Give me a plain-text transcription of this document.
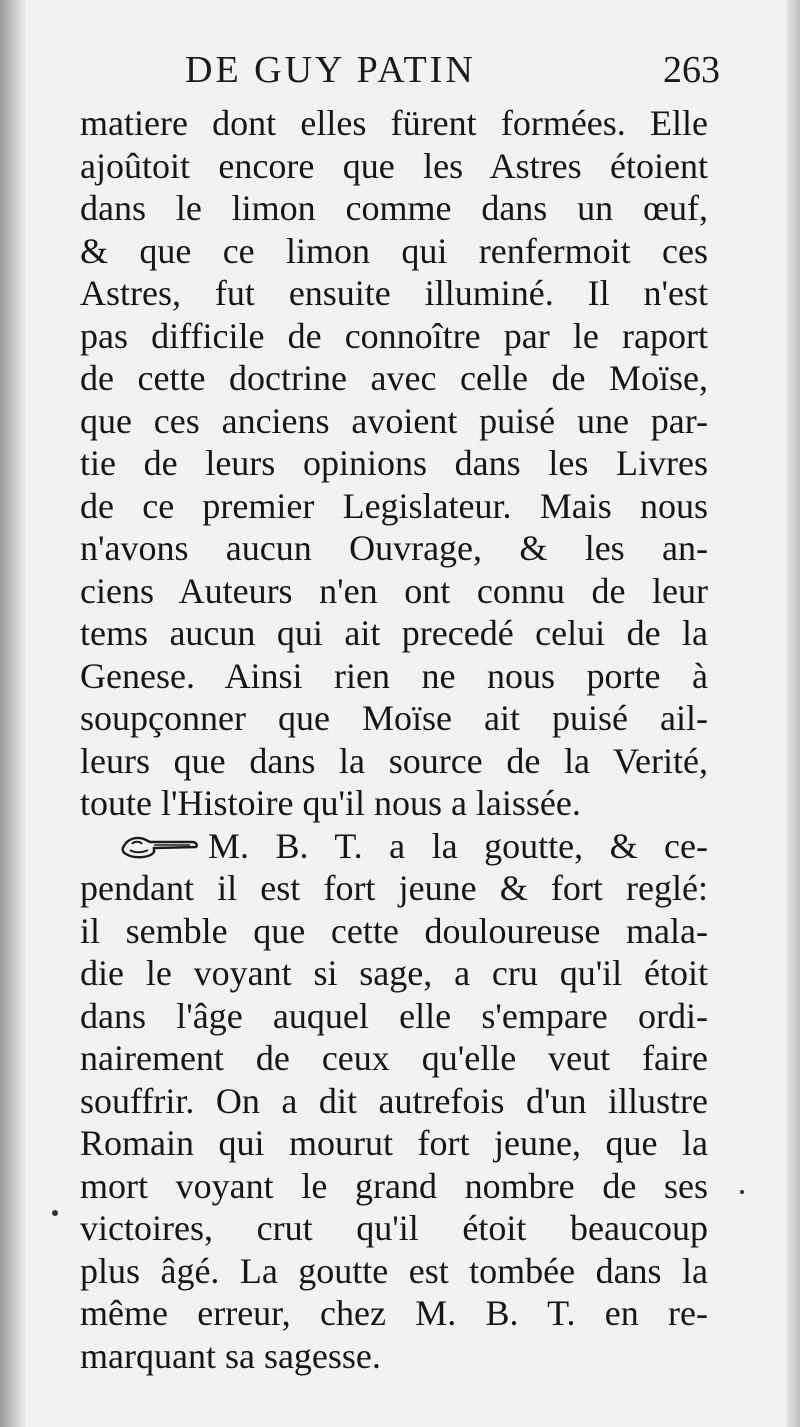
DE GUY PATIN	263
matiere dont elles fürent formées. Elle
ajoûtoit encore que les Astres étoient
dans le limon comme dans un œuf,
& que ce limon qui renfermoit ces
Astres, fut ensuite illuminé. Il n'est
pas difficile de connoître par le raport
de cette doctrine avec celle de Moïse,
que ces anciens avoient puisé une par-
tie de leurs opinions dans les Livres
de ce premier Legislateur. Mais nous
n'avons aucun Ouvrage, & les an-
ciens Auteurs n'en ont connu de leur
tems aucun qui ait precedé celui de la
Genese. Ainsi rien ne nous porte à
soupçonner que Moïse ait puisé ail-
leurs que dans la source de la Verité,
toute l'Histoire qu'il nous a laissée.
M. B. T. a la goutte, & ce-
pendant il est fort jeune & fort reglé:
il semble que cette douloureuse mala-
die le voyant si sage, a cru qu'il étoit
dans l'âge auquel elle s'empare ordi-
nairement de ceux qu'elle veut faire
souffrir. On a dit autrefois d'un illustre
Romain qui mourut fort jeune, que la
mort voyant le grand nombre de ses
victoires, crut qu'il étoit beaucoup
plus âgé. La goutte est tombée dans la
même erreur, chez M. B. T. en re-
marquant sa sagesse.
